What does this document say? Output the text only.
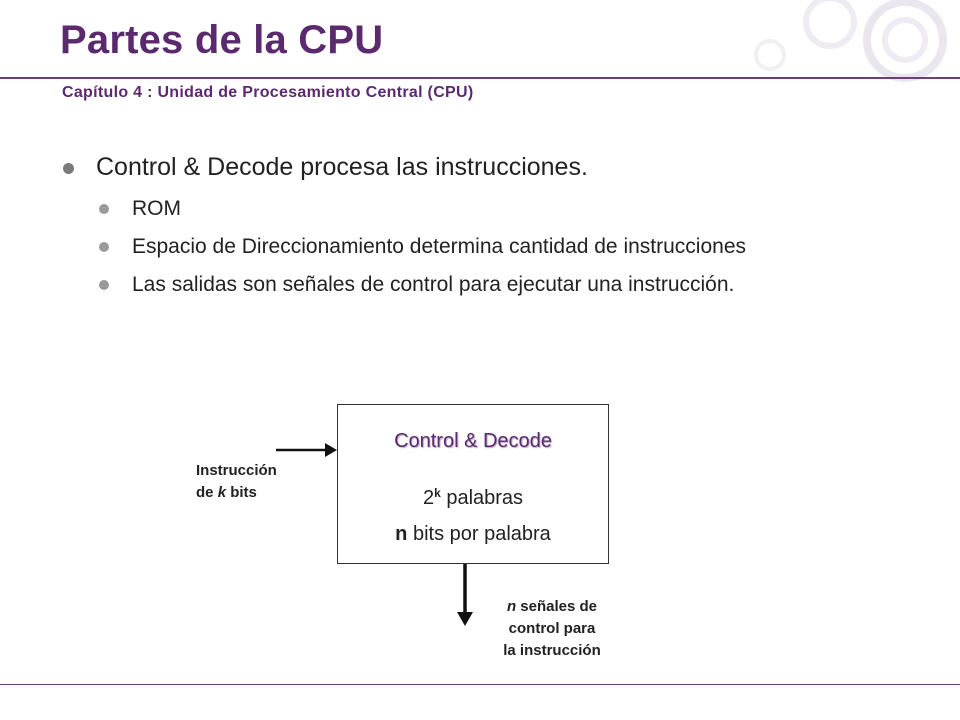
Partes de la CPU
Capítulo 4 : Unidad de Procesamiento Central (CPU)
Control & Decode procesa las instrucciones.
ROM
Espacio de Direccionamiento determina cantidad de instrucciones
Las salidas son señales de control para ejecutar una instrucción.
Control & Decode
2$^k$ palabras
n bits por palabra
Instrucción
de k bits
n señales de
control para
la instrucción
